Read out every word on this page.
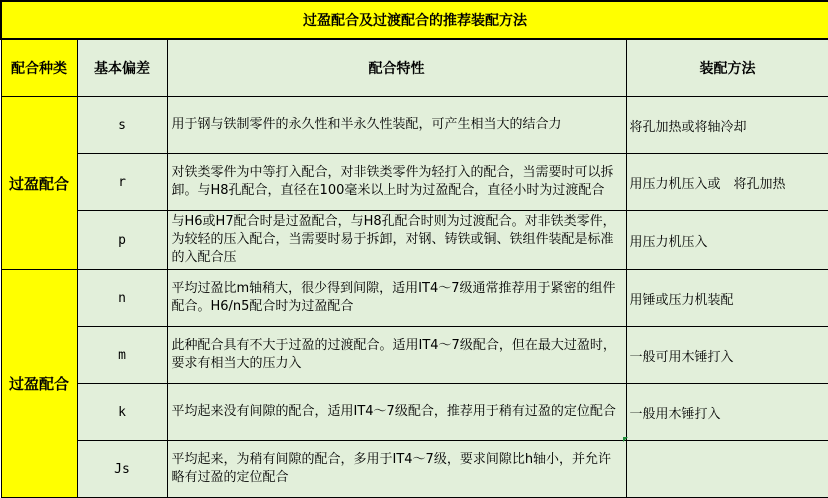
过盈配合及过渡配合的推荐装配方法			
配合种类	基本偏差	配合特性	装配方法
过盈配合	s	用于钢与铁制零件的永久性和半永久性装配，可产生相当大的结合力	将孔加热或将轴冷却
	r	对铁类零件为中等打入配合，对非铁类零件为轻打入的配合，当需要时可以拆卸。与H8孔配合，直径在100毫米以上时为过盈配合，直径小时为过渡配合	用压力机压入或　将孔加热
	p	与H6或H7配合时是过盈配合，与H8孔配合时则为过渡配合。对非铁类零件，为较轻的压入配合，当需要时易于拆卸，对钢、铸铁或铜、铁组件装配是标准的入配合压	用压力机压入
过盈配合	n	平均过盈比m轴稍大，很少得到间隙，适用IT4～7级通常推荐用于紧密的组件配合。H6/n5配合时为过盈配合	用锤或压力机装配
	m	此种配合具有不大于过盈的过渡配合。适用IT4～7级配合，但在最大过盈时，要求有相当大的压力入	一般可用木锤打入
	k	平均起来没有间隙的配合，适用IT4～7级配合，推荐用于稍有过盈的定位配合	一般用木锤打入
	Js	平均起来，为稍有间隙的配合，多用于IT4～7级，要求间隙比h轴小，并允许略有过盈的定位配合	
